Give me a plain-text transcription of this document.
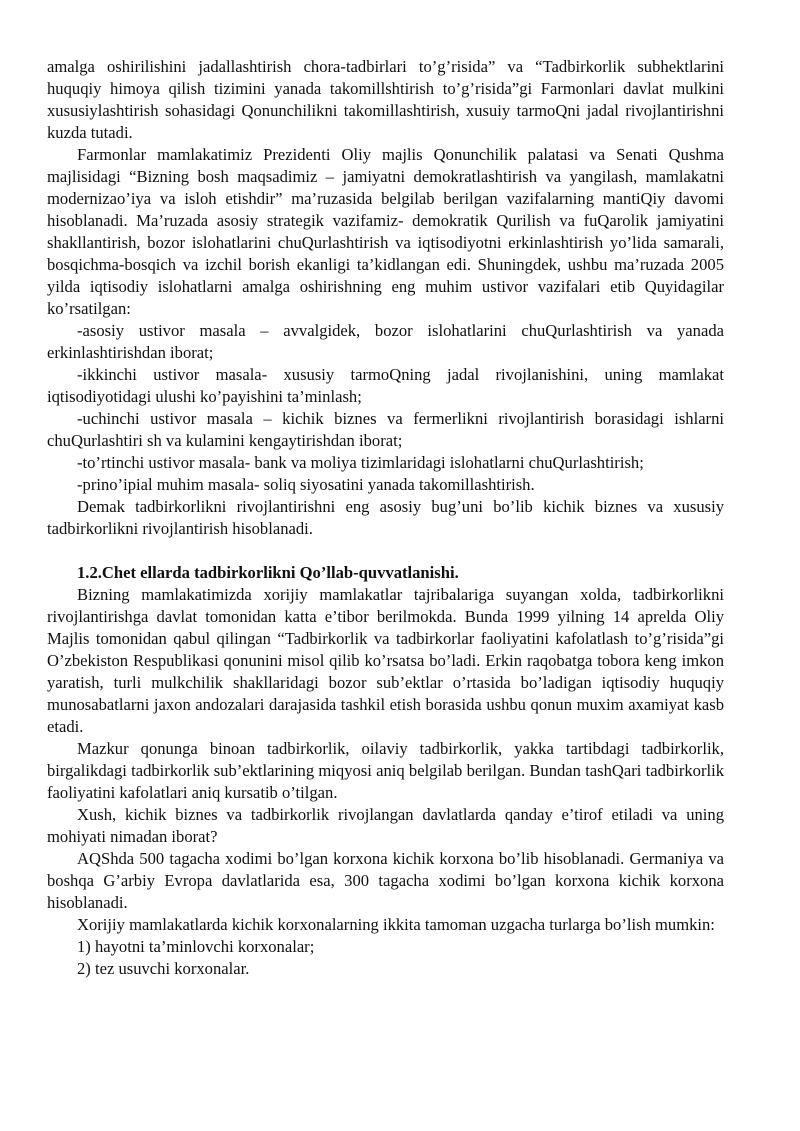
amalga oshirilishini jadallashtirish chora-tadbirlari to’g’risida” va “Tadbirkorlik subhektlarini huquqiy himoya qilish tizimini yanada takomillshtirish to’g’risida”gi Farmonlari davlat mulkini xususiylashtirish sohasidagi Qonunchilikni takomillashtirish, xusuiy tarmoQni jadal rivojlantirishni kuzda tutadi.

Farmonlar mamlakatimiz Prezidenti Oliy majlis Qonunchilik palatasi va Senati Qushma majlisidagi “Bizning bosh maqsadimiz – jamiyatni demokratlashtirish va yangilash, mamlakatni modernizao’iya va isloh etishdir” ma’ruzasida belgilab berilgan vazifalarning mantiQiy davomi hisoblanadi. Ma’ruzada asosiy strategik vazifamiz- demokratik Qurilish va fuQarolik jamiyatini shakllantirish, bozor islohatlarini chuQurlashtirish va iqtisodiyotni erkinlashtirish yo’lida samarali, bosqichma-bosqich va izchil borish ekanligi ta’kidlangan edi. Shuningdek, ushbu ma’ruzada 2005 yilda iqtisodiy islohatlarni amalga oshirishning eng muhim ustivor vazifalari etib Quyidagilar ko’rsatilgan:

-asosiy ustivor masala – avvalgidek, bozor islohatlarini chuQurlashtirish va yanada erkinlashtirishdan iborat;

-ikkinchi ustivor masala- xususiy tarmoQning jadal rivojlanishini, uning mamlakat iqtisodiyotidagi ulushi ko’payishini ta’minlash;

-uchinchi ustivor masala – kichik biznes va fermerlikni rivojlantirish borasidagi ishlarni chuQurlashtiri sh va kulamini kengaytirishdan iborat;

-to’rtinchi ustivor masala- bank va moliya tizimlaridagi islohatlarni chuQurlashtirish;

-prino’ipial muhim masala- soliq siyosatini yanada takomillashtirish.

Demak tadbirkorlikni rivojlantirishni eng asosiy bug’uni bo’lib kichik biznes va xususiy tadbirkorlikni rivojlantirish hisoblanadi.

1.2.Chet ellarda tadbirkorlikni Qo’llab-quvvatlanishi.

Bizning mamlakatimizda xorijiy mamlakatlar tajribalariga suyangan xolda, tadbirkorlikni rivojlantirishga davlat tomonidan katta e’tibor berilmokda. Bunda 1999 yilning 14 aprelda Oliy Majlis tomonidan qabul qilingan “Tadbirkorlik va tadbirkorlar faoliyatini kafolatlash to’g’risida”gi O’zbekiston Respublikasi qonunini misol qilib ko’rsatsa bo’ladi. Erkin raqobatga tobora keng imkon yaratish, turli mulkchilik shakllaridagi bozor sub’ektlar o’rtasida bo’ladigan iqtisodiy huquqiy munosabatlarni jaxon andozalari darajasida tashkil etish borasida ushbu qonun muxim axamiyat kasb etadi.

Mazkur qonunga binoan tadbirkorlik, oilaviy tadbirkorlik, yakka tartibdagi tadbirkorlik, birgalikdagi tadbirkorlik sub’ektlarining miqyosi aniq belgilab berilgan. Bundan tashQari tadbirkorlik faoliyatini kafolatlari aniq kursatib o’tilgan.

Xush, kichik biznes va tadbirkorlik rivojlangan davlatlarda qanday e’tirof etiladi va uning mohiyati nimadan iborat?

AQShda 500 tagacha xodimi bo’lgan korxona kichik korxona bo’lib hisoblanadi. Germaniya va boshqa G’arbiy Evropa davlatlarida esa, 300 tagacha xodimi bo’lgan korxona kichik korxona hisoblanadi.

Xorijiy mamlakatlarda kichik korxonalarning ikkita tamoman uzgacha turlarga bo’lish mumkin:

1) hayotni ta’minlovchi korxonalar;

2) tez usuvchi korxonalar.
